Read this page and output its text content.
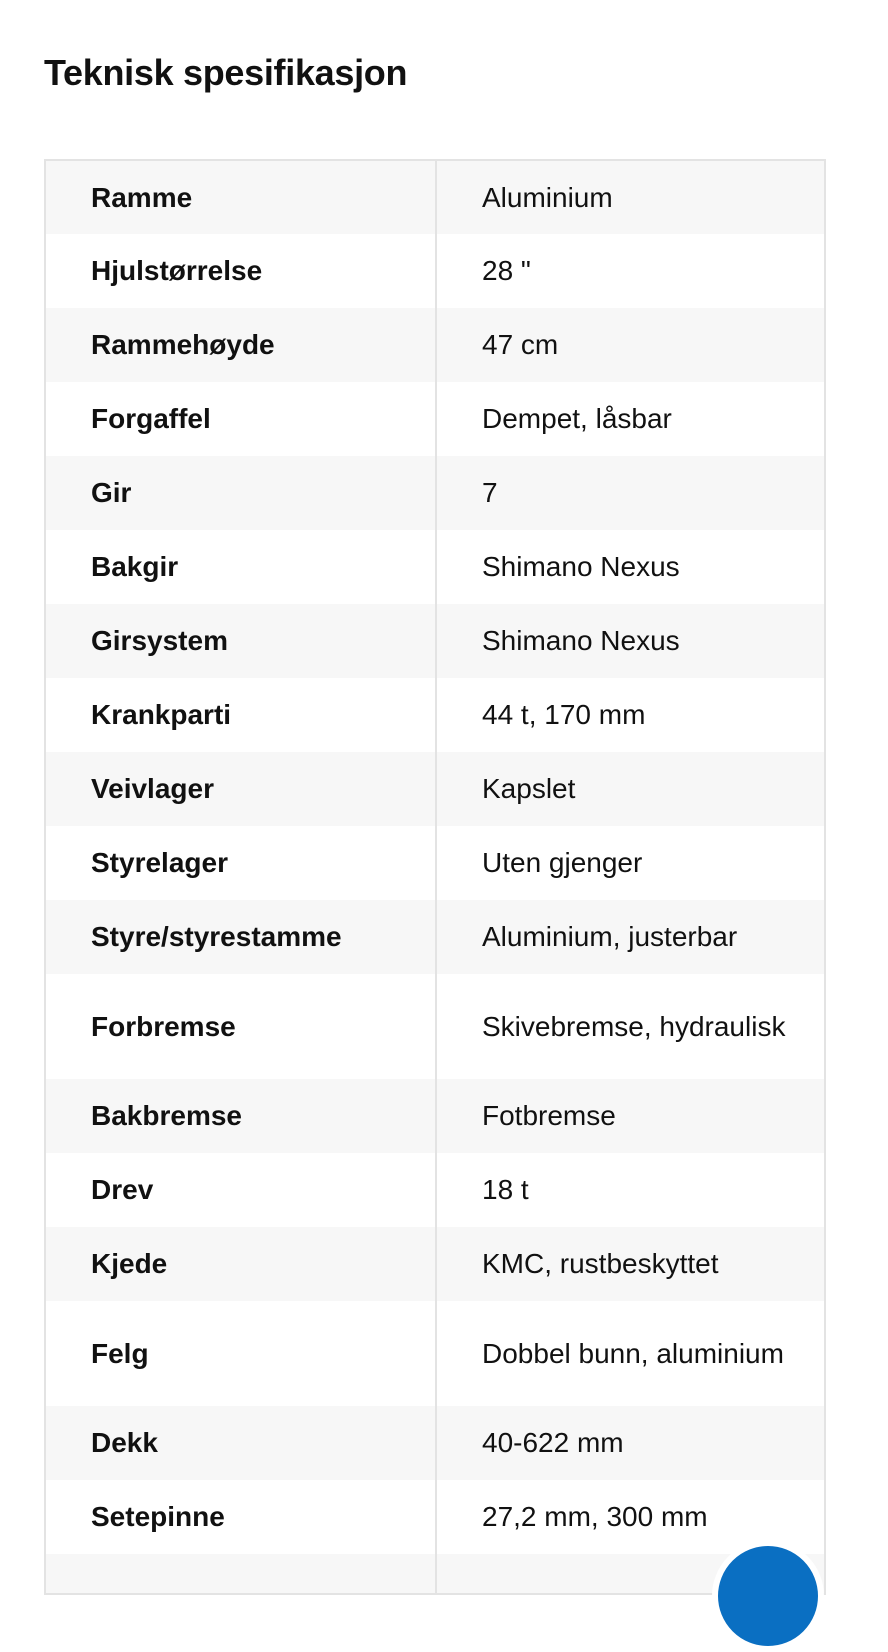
Teknisk spesifikasjon
Ramme	Aluminium
Hjulstørrelse	28 "
Rammehøyde	47 cm
Forgaffel	Dempet, låsbar
Gir	7
Bakgir	Shimano Nexus
Girsystem	Shimano Nexus
Krankparti	44 t, 170 mm
Veivlager	Kapslet
Styrelager	Uten gjenger
Styre/styrestamme	Aluminium, justerbar
Forbremse	Skivebremse, hydraulisk
Bakbremse	Fotbremse
Drev	18 t
Kjede	KMC, rustbeskyttet
Felg	Dobbel bunn, aluminium
Dekk	40-622 mm
Setepinne	27,2 mm, 300 mm
